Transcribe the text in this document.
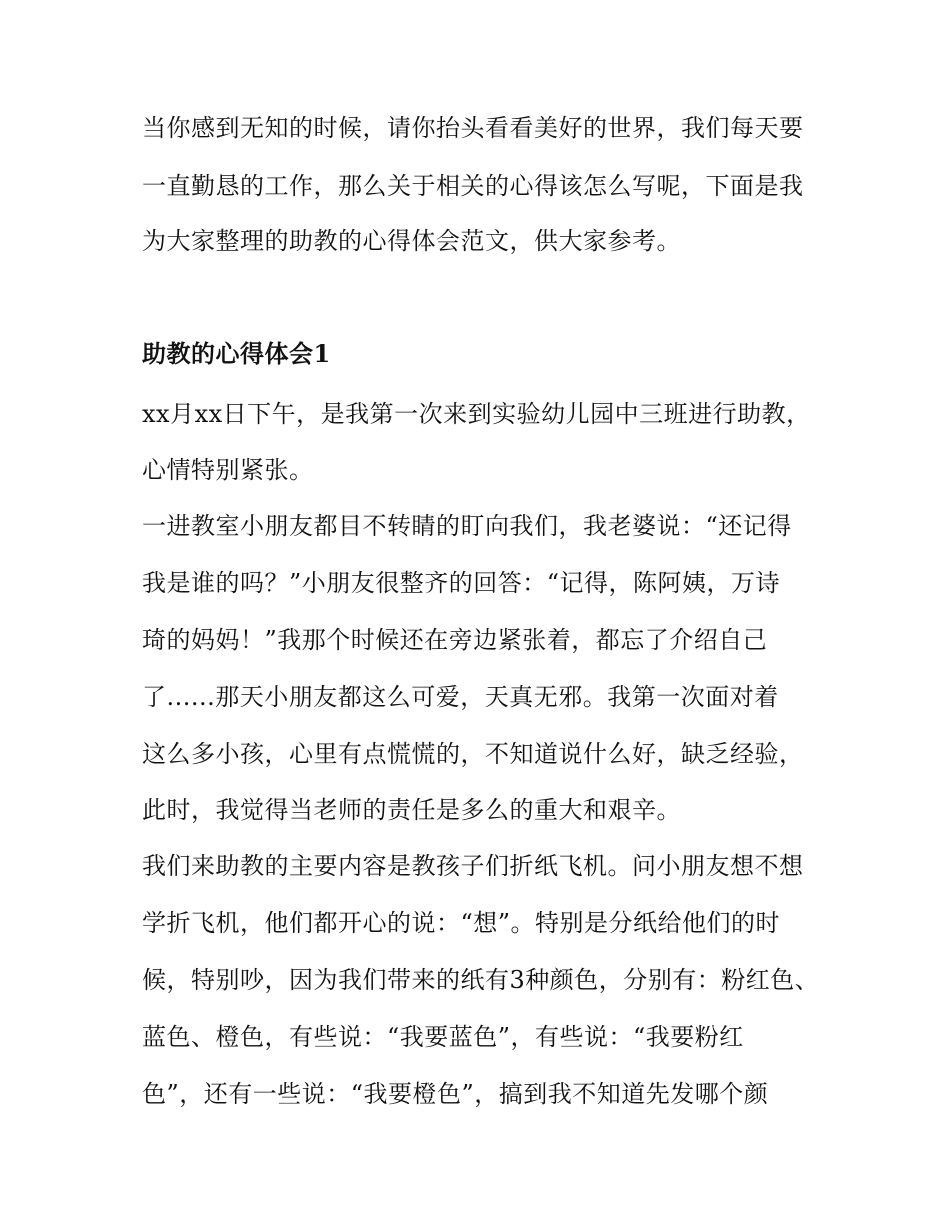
当你感到无知的时候，请你抬头看看美好的世界，我们每天要
一直勤恳的工作，那么关于相关的心得该怎么写呢，下面是我
为大家整理的助教的心得体会范文，供大家参考。
助教的心得体会1
xx月xx日下午，是我第一次来到实验幼儿园中三班进行助教，
心情特别紧张。
一进教室小朋友都目不转睛的盯向我们，我老婆说：“还记得
我是谁的吗？”小朋友很整齐的回答：“记得，陈阿姨，万诗
琦的妈妈！”我那个时候还在旁边紧张着，都忘了介绍自己
了......那天小朋友都这么可爱，天真无邪。我第一次面对着
这么多小孩，心里有点慌慌的，不知道说什么好，缺乏经验，
此时，我觉得当老师的责任是多么的重大和艰辛。
我们来助教的主要内容是教孩子们折纸飞机。问小朋友想不想
学折飞机，他们都开心的说：“想”。特别是分纸给他们的时
候，特别吵，因为我们带来的纸有3种颜色，分别有：粉红色、
蓝色、橙色，有些说：“我要蓝色”，有些说：“我要粉红
色”，还有一些说：“我要橙色”，搞到我不知道先发哪个颜
